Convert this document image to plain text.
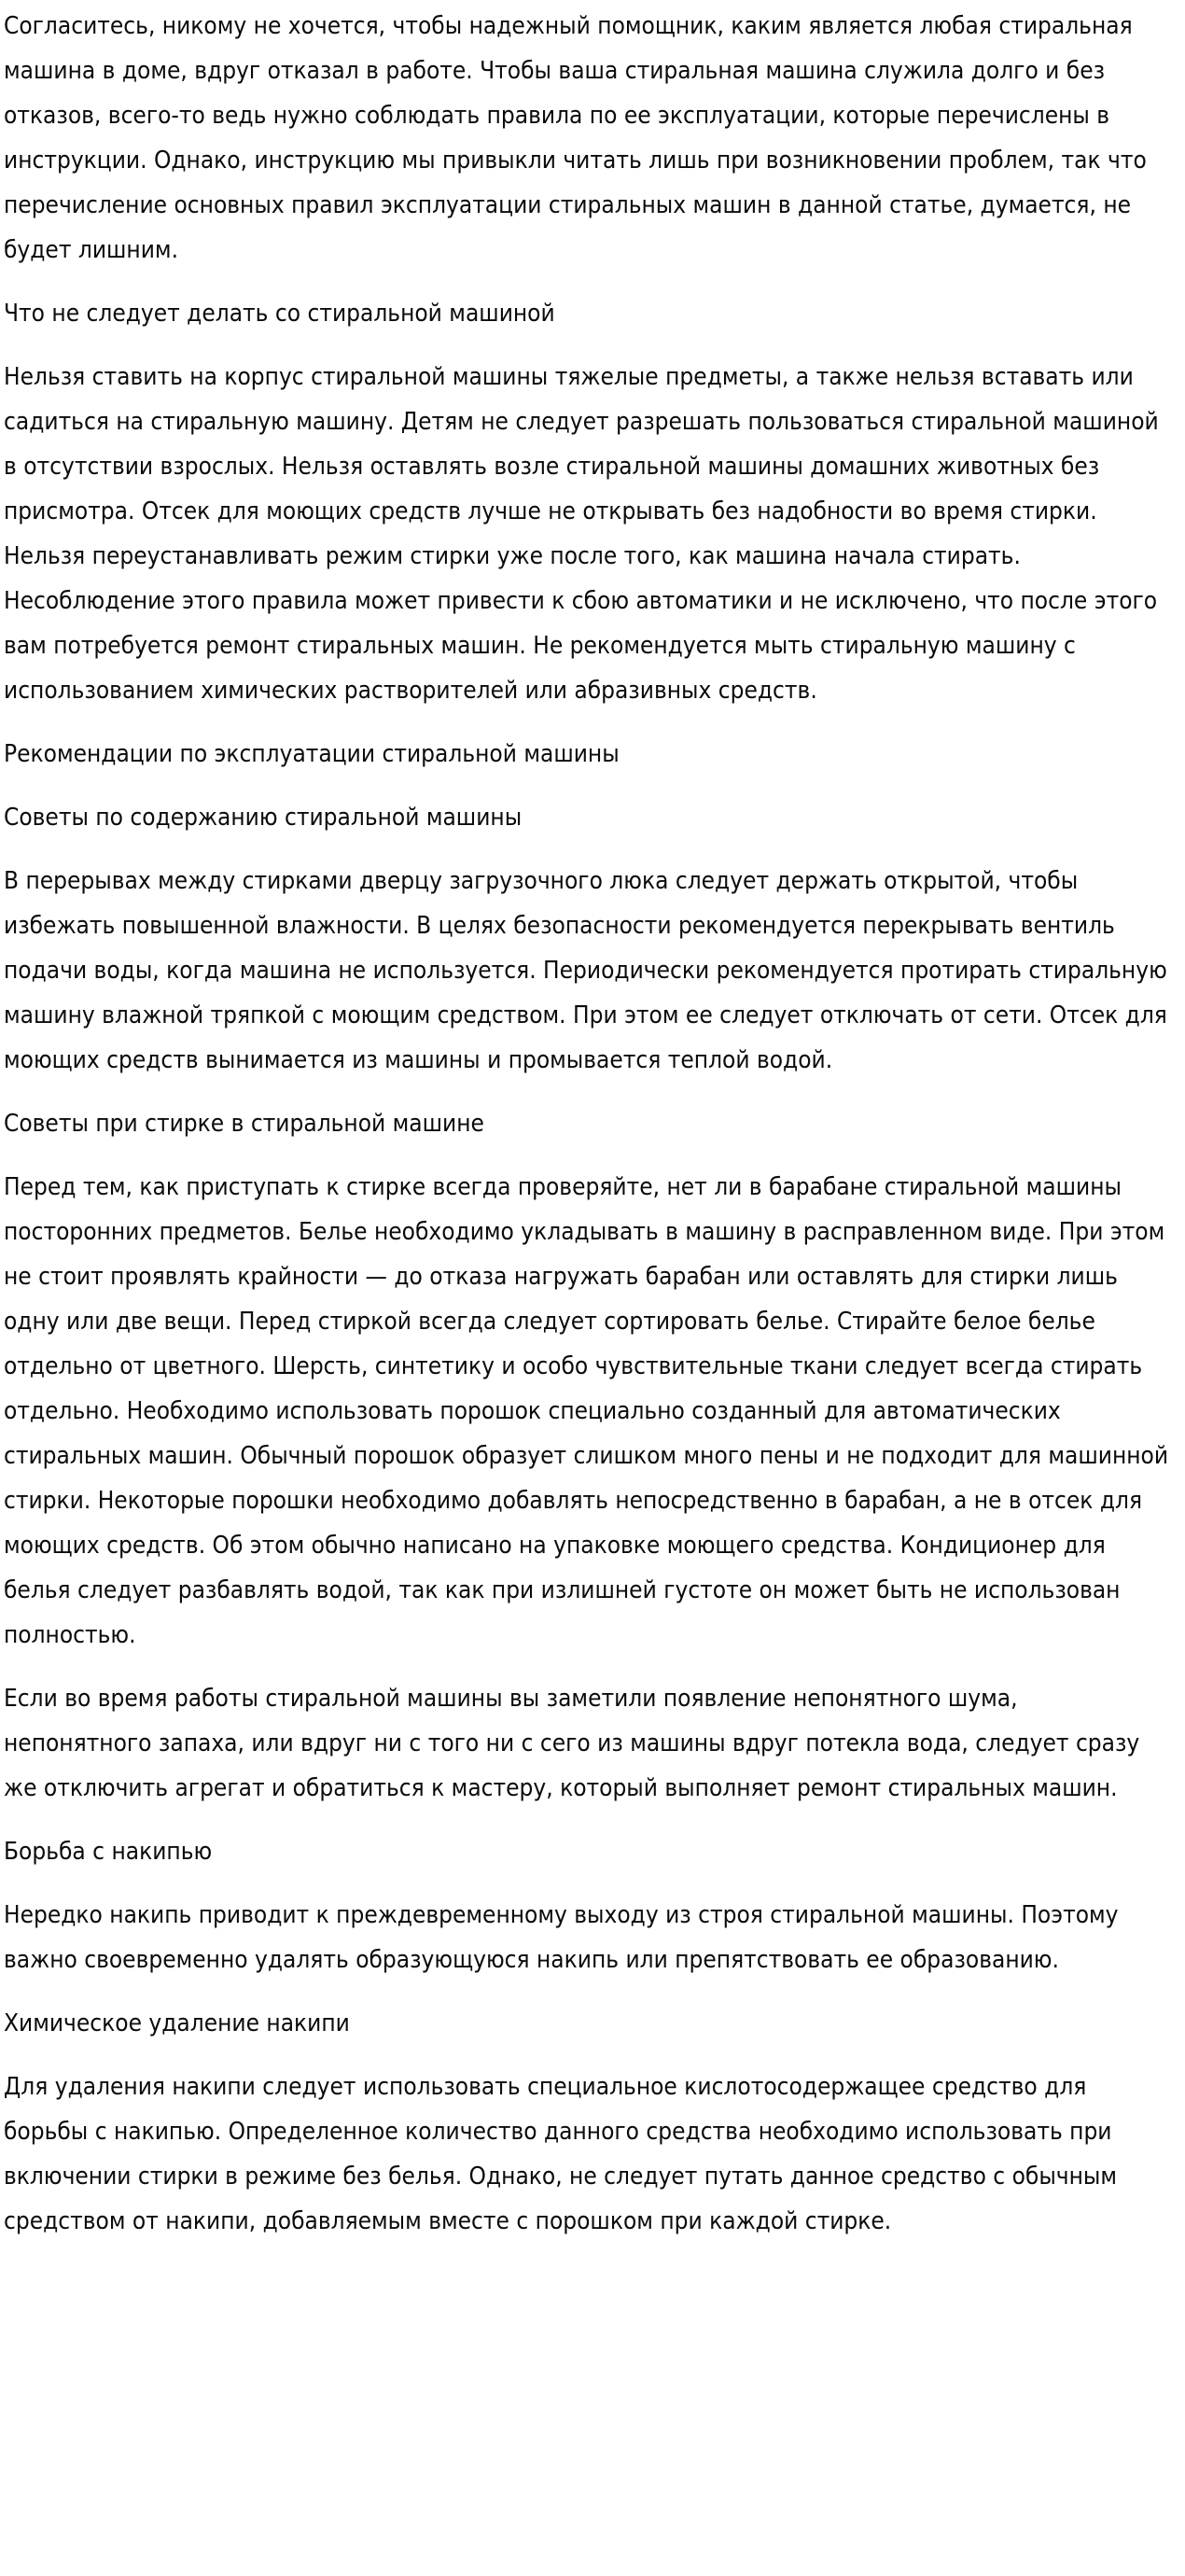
Согласитесь, никому не хочется, чтобы надежный помощник, каким является любая стиральная машина в доме, вдруг отказал в работе. Чтобы ваша стиральная машина служила долго и без отказов, всего-то ведь нужно соблюдать правила по ее эксплуатации, которые перечислены в инструкции. Однако, инструкцию мы привыкли читать лишь при возникновении проблем, так что перечисление основных правил эксплуатации стиральных машин в данной статье, думается, не будет лишним.

Что не следует делать со стиральной машиной

Нельзя ставить на корпус стиральной машины тяжелые предметы, а также нельзя вставать или садиться на стиральную машину. Детям не следует разрешать пользоваться стиральной машиной в отсутствии взрослых. Нельзя оставлять возле стиральной машины домашних животных без присмотра. Отсек для моющих средств лучше не открывать без надобности во время стирки. Нельзя переустанавливать режим стирки уже после того, как машина начала стирать. Несоблюдение этого правила может привести к сбою автоматики и не исключено, что после этого вам потребуется ремонт стиральных машин. Не рекомендуется мыть стиральную машину с использованием химических растворителей или абразивных средств.

Рекомендации по эксплуатации стиральной машины
Советы по содержанию стиральной машины

В перерывах между стирками дверцу загрузочного люка следует держать открытой, чтобы избежать повышенной влажности. В целях безопасности рекомендуется перекрывать вентиль подачи воды, когда машина не используется. Периодически рекомендуется протирать стиральную машину влажной тряпкой с моющим средством. При этом ее следует отключать от сети. Отсек для моющих средств вынимается из машины и промывается теплой водой.

Советы при стирке в стиральной машине

Перед тем, как приступать к стирке всегда проверяйте, нет ли в барабане стиральной машины посторонних предметов. Белье необходимо укладывать в машину в расправленном виде. При этом не стоит проявлять крайности — до отказа нагружать барабан или оставлять для стирки лишь одну или две вещи. Перед стиркой всегда следует сортировать белье. Стирайте белое белье отдельно от цветного. Шерсть, синтетику и особо чувствительные ткани следует всегда стирать отдельно. Необходимо использовать порошок специально созданный для автоматических стиральных машин. Обычный порошок образует слишком много пены и не подходит для машинной стирки. Некоторые порошки необходимо добавлять непосредственно в барабан, а не в отсек для моющих средств. Об этом обычно написано на упаковке моющего средства. Кондиционер для белья следует разбавлять водой, так как при излишней густоте он может быть не использован полностью.

Если во время работы стиральной машины вы заметили появление непонятного шума, непонятного запаха, или вдруг ни с того ни с сего из машины вдруг потекла вода, следует сразу же отключить агрегат и обратиться к мастеру, который выполняет ремонт стиральных машин.

Борьба с накипью

Нередко накипь приводит к преждевременному выходу из строя стиральной машины. Поэтому важно своевременно удалять образующуюся накипь или препятствовать ее образованию.

Химическое удаление накипи

Для удаления накипи следует использовать специальное кислотосодержащее средство для борьбы с накипью. Определенное количество данного средства необходимо использовать при включении стирки в режиме без белья. Однако, не следует путать данное средство с обычным средством от накипи, добавляемым вместе с порошком при каждой стирке.
